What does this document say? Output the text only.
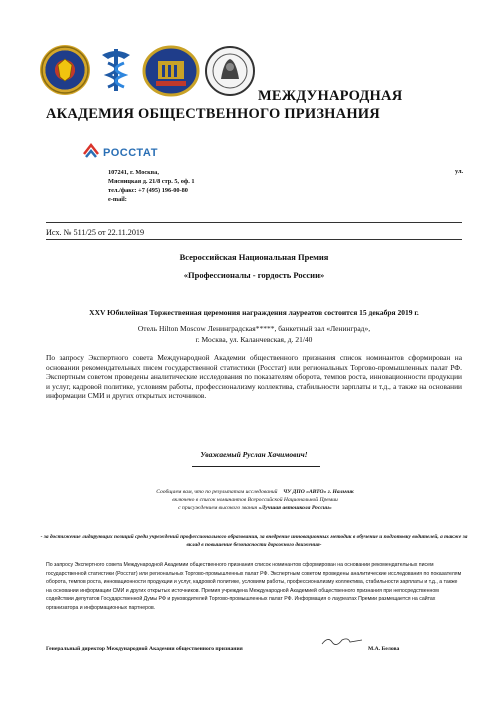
МЕЖДУНАРОДНАЯ
АКАДЕМИЯ ОБЩЕСТВЕННОГО ПРИЗНАНИЯ
РОССТАТ
107241, г. Москва,
Мясницкая д. 21/8 стр. 5, оф. 1
тел./факс: +7 (495) 196-00-80
e-mail:
ул.
Исх. № 511/25 от 22.11.2019
Всероссийская Национальная Премия
«Профессионалы - гордость России»
XXV Юбилейная Торжественная церемония награждения лауреатов состоится 15 декабря 2019 г.
Отель Hilton Moscow Ленинградская*****, банкетный зал «Ленинград»,
г. Москва, ул. Каланчевская, д. 21/40
По запросу Экспертного совета Международной Академии общественного признания список номинантов сформирован на основании рекомендательных писем государственной статистики (Росстат) или региональных Торгово-промышленных палат РФ. Экспертным советом проведены аналитические исследования по показателям оборота, темпов роста, инновационности продукции и услуг, кадровой политике, условиям работы, профессионализму коллектива, стабильности зарплаты и т.д., а также на основании информации СМИ и других открытых источников.
Уважаемый Руслан Хачимович!
Сообщаем вам, что по результатам исследований ЧУ ДПО «АВТО» г. Нальчик
включено в список номинантов Всероссийской Национальной Премии
с присуждением высокого звания «Лучшая автошкола России»
- за достижение лидирующих позиций среди учреждений профессионального образования, за внедрение инновационных методик в обучение и подготовку водителей, а также за вклад в повышение безопасности дорожного движения-
По запросу Экспертного совета Международной Академии общественного признания список номинантов сформирован на основании рекомендательных писем государственной статистики (Росстат) или региональных Торгово-промышленных палат РФ. Экспертным советом проведены аналитические исследования по показателям оборота, темпов роста, инновационности продукции и услуг, кадровой политике, условиям работы, профессионализму коллектива, стабильности зарплаты и т.д., а также на основании информации СМИ и других открытых источников. Премия учреждена Международной Академией общественного признания при непосредственном содействии депутатов Государственной Думы РФ и руководителей Торгово-промышленных палат РФ. Информация о лауреатах Премии размещается на сайтах организатора и информационных партнеров.
Генеральный директор Международной Академии общественного признания	М.А. Белова
